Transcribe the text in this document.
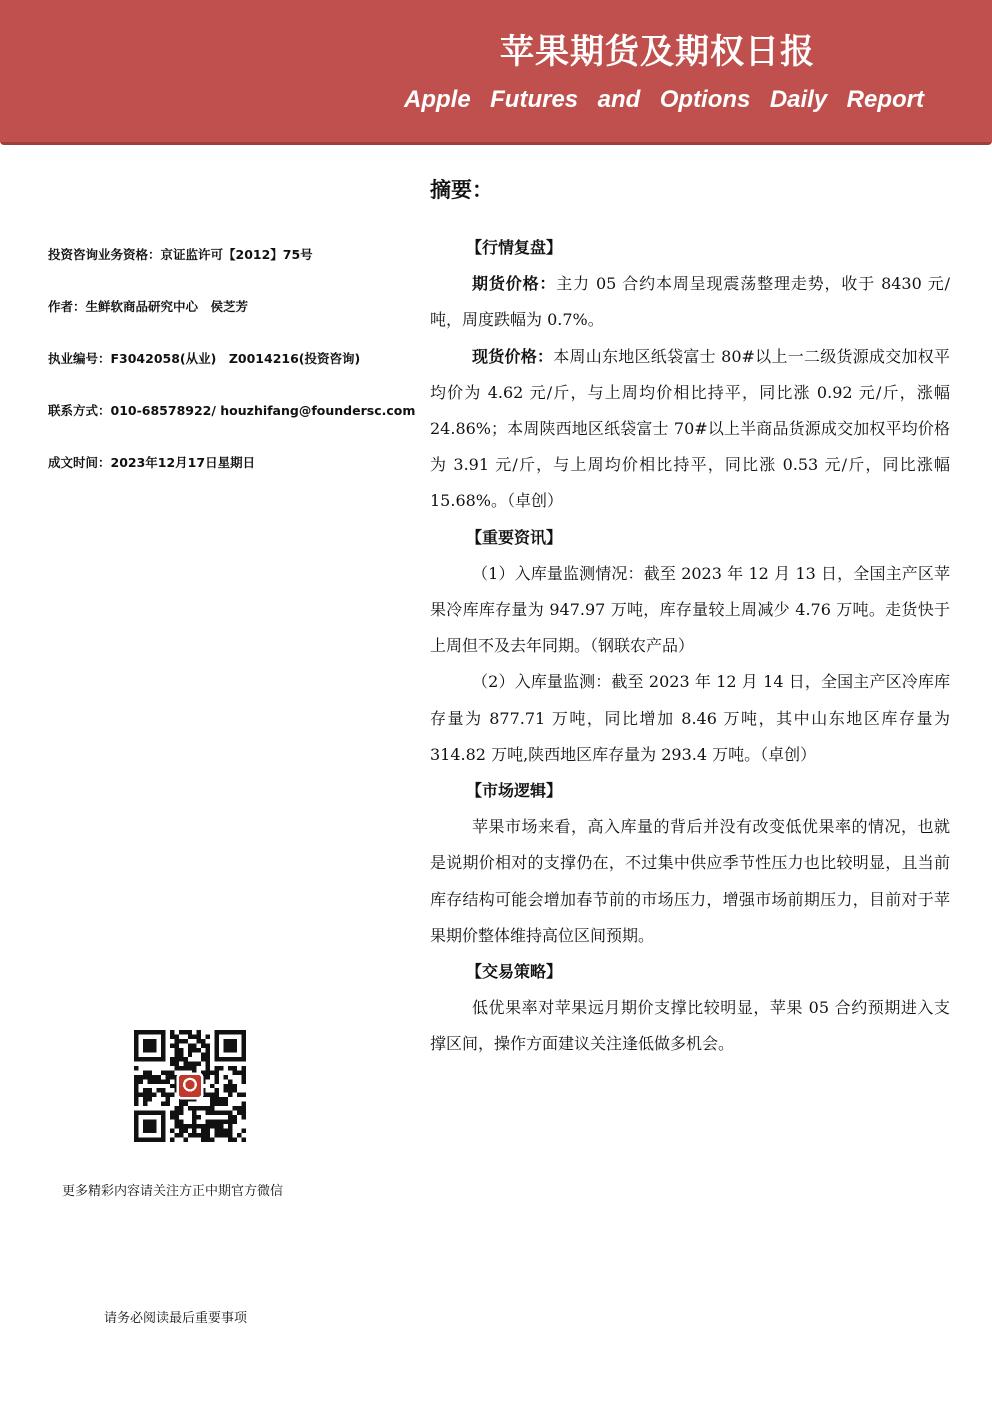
苹果期货及期权日报
Apple Futures and Options Daily Report
摘要：
投资咨询业务资格：京证监许可【2012】75号
作者：生鲜软商品研究中心　侯芝芳
执业编号：F3042058(从业)　Z0014216(投资咨询)
联系方式：010-68578922/ houzhifang@foundersc.com
成文时间：2023年12月17日星期日

【行情复盘】

期货价格：主力 05 合约本周呈现震荡整理走势，收于 8430 元/吨，周度跌幅为 0.7%。

现货价格：本周山东地区纸袋富士 80#以上一二级货源成交加权平均价为 4.62 元/斤，与上周均价相比持平，同比涨 0.92 元/斤，涨幅 24.86%；本周陕西地区纸袋富士 70#以上半商品货源成交加权平均价格为 3.91 元/斤，与上周均价相比持平，同比涨 0.53 元/斤，同比涨幅 15.68%。（卓创）

【重要资讯】

（1）入库量监测情况：截至 2023 年 12 月 13 日，全国主产区苹果冷库库存量为 947.97 万吨，库存量较上周减少 4.76 万吨。走货快于上周但不及去年同期。（钢联农产品）

（2）入库量监测：截至 2023 年 12 月 14 日，全国主产区冷库库存量为 877.71 万吨，同比增加 8.46 万吨，其中山东地区库存量为 314.82 万吨,陕西地区库存量为 293.4 万吨。（卓创）

【市场逻辑】

苹果市场来看，高入库量的背后并没有改变低优果率的情况，也就是说期价相对的支撑仍在，不过集中供应季节性压力也比较明显，且当前库存结构可能会增加春节前的市场压力，增强市场前期压力，目前对于苹果期价整体维持高位区间预期。

【交易策略】

低优果率对苹果远月期价支撑比较明显，苹果 05 合约预期进入支撑区间，操作方面建议关注逢低做多机会。

更多精彩内容请关注方正中期官方微信
请务必阅读最后重要事项
